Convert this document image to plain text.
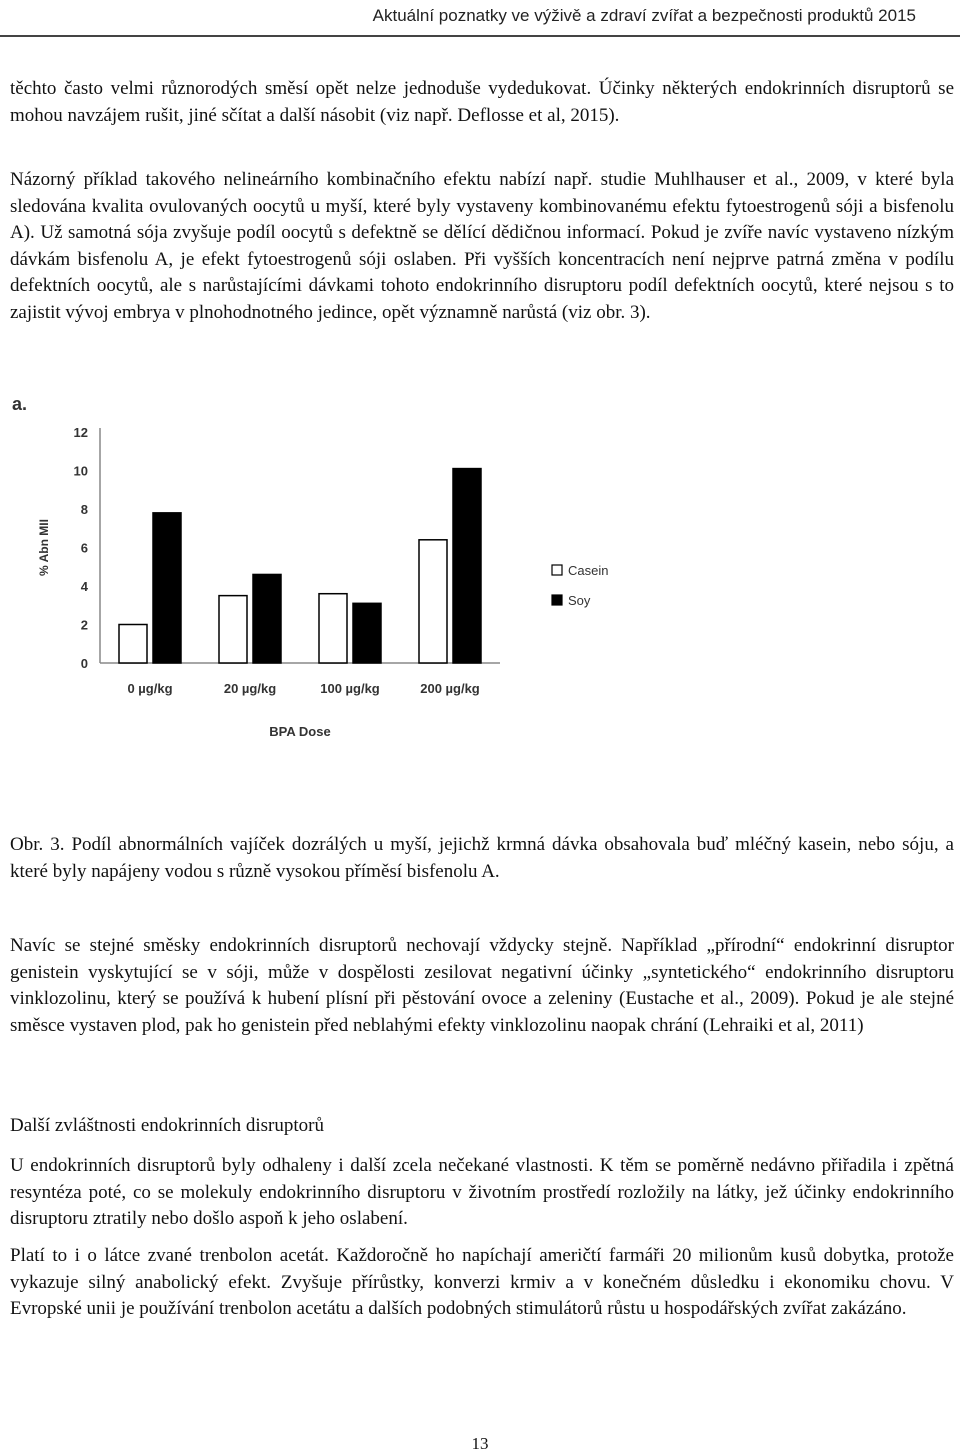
Aktuální poznatky ve výživě a zdraví zvířat a bezpečnosti produktů 2015

těchto často velmi různorodých směsí opět nelze jednoduše vydedukovat. Účinky některých endokrinních disruptorů se mohou navzájem rušit, jiné sčítat a další násobit (viz např. Deflosse et al, 2015).

Názorný příklad takového nelineárního kombinačního efektu nabízí např. studie Muhlhauser et al., 2009, v které byla sledována kvalita ovulovaných oocytů u myší, které byly vystaveny kombinovanému efektu fytoestrogenů sóji a bisfenolu A). Už samotná sója zvyšuje podíl oocytů s defektně se dělící dědičnou informací. Pokud je zvíře navíc vystaveno nízkým dávkám bisfenolu A, je efekt fytoestrogenů sóji oslaben. Při vyšších koncentracích není nejprve patrná změna v podílu defektních oocytů, ale s narůstajícími dávkami tohoto endokrinního disruptoru podíl defektních oocytů, které nejsou s to zajistit vývoj embrya v plnohodnotného jedince, opět významně narůstá (viz obr. 3).

a.
0
2
4
6
8
10
12
% Abn MII
0 µg/kg	20 µg/kg	100 µg/kg	200 µg/kg
BPA Dose
Casein
Soy

Obr. 3. Podíl abnormálních vajíček dozrálých u myší, jejichž krmná dávka obsahovala buď mléčný kasein, nebo sóju, a které byly napájeny vodou s různě vysokou příměsí bisfenolu A.

Navíc se stejné směsky endokrinních disruptorů nechovají vždycky stejně. Například „přírodní“ endokrinní disruptor genistein vyskytující se v sóji, může v dospělosti zesilovat negativní účinky „syntetického“ endokrinního disruptoru vinklozolinu, který se používá k hubení plísní při pěstování ovoce a zeleniny (Eustache et al., 2009). Pokud je ale stejné směsce vystaven plod, pak ho genistein před neblahými efekty vinklozolinu naopak chrání (Lehraiki et al, 2011)

Další zvláštnosti endokrinních disruptorů

U endokrinních disruptorů byly odhaleny i další zcela nečekané vlastnosti. K těm se poměrně nedávno přiřadila i zpětná resyntéza poté, co se molekuly endokrinního disruptoru v životním prostředí rozložily na látky, jež účinky endokrinního disruptoru ztratily nebo došlo aspoň k jeho oslabení.

Platí to i o látce zvané trenbolon acetát. Každoročně ho napíchají američtí farmáři 20 milionům kusů dobytka, protože vykazuje silný anabolický efekt. Zvyšuje přírůstky, konverzi krmiv a v konečném důsledku i ekonomiku chovu. V Evropské unii je používání trenbolon acetátu a dalších podobných stimulátorů růstu u hospodářských zvířat zakázáno.

13
